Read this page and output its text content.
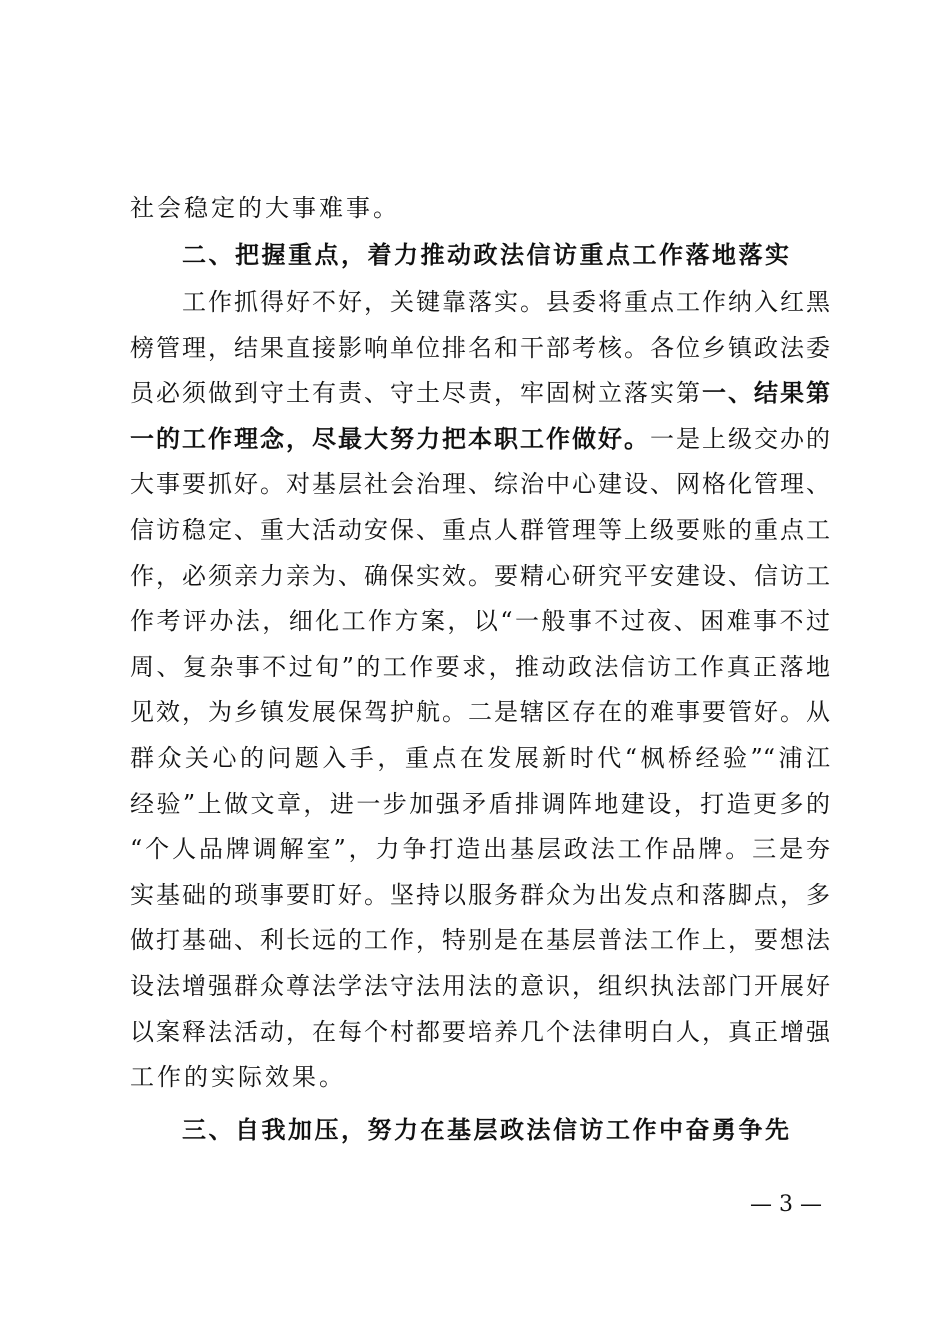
社会稳定的大事难事。
二、把握重点，着力推动政法信访重点工作落地落实
工作抓得好不好，关键靠落实。县委将重点工作纳入红黑
榜管理，结果直接影响单位排名和干部考核。各位乡镇政法委
员必须做到守土有责、守土尽责，牢固树立落实第一、结果第
一的工作理念，尽最大努力把本职工作做好。一是上级交办的
大事要抓好。对基层社会治理、综治中心建设、网格化管理、
信访稳定、重大活动安保、重点人群管理等上级要账的重点工
作，必须亲力亲为、确保实效。要精心研究平安建设、信访工
作考评办法，细化工作方案，以“一般事不过夜、困难事不过
周、复杂事不过旬”的工作要求，推动政法信访工作真正落地
见效，为乡镇发展保驾护航。二是辖区存在的难事要管好。从
群众关心的问题入手，重点在发展新时代“枫桥经验”“浦江
经验”上做文章，进一步加强矛盾排调阵地建设，打造更多的
“个人品牌调解室”，力争打造出基层政法工作品牌。三是夯
实基础的琐事要盯好。坚持以服务群众为出发点和落脚点，多
做打基础、利长远的工作，特别是在基层普法工作上，要想法
设法增强群众尊法学法守法用法的意识，组织执法部门开展好
以案释法活动，在每个村都要培养几个法律明白人，真正增强
工作的实际效果。
三、自我加压，努力在基层政法信访工作中奋勇争先
— 3 —
